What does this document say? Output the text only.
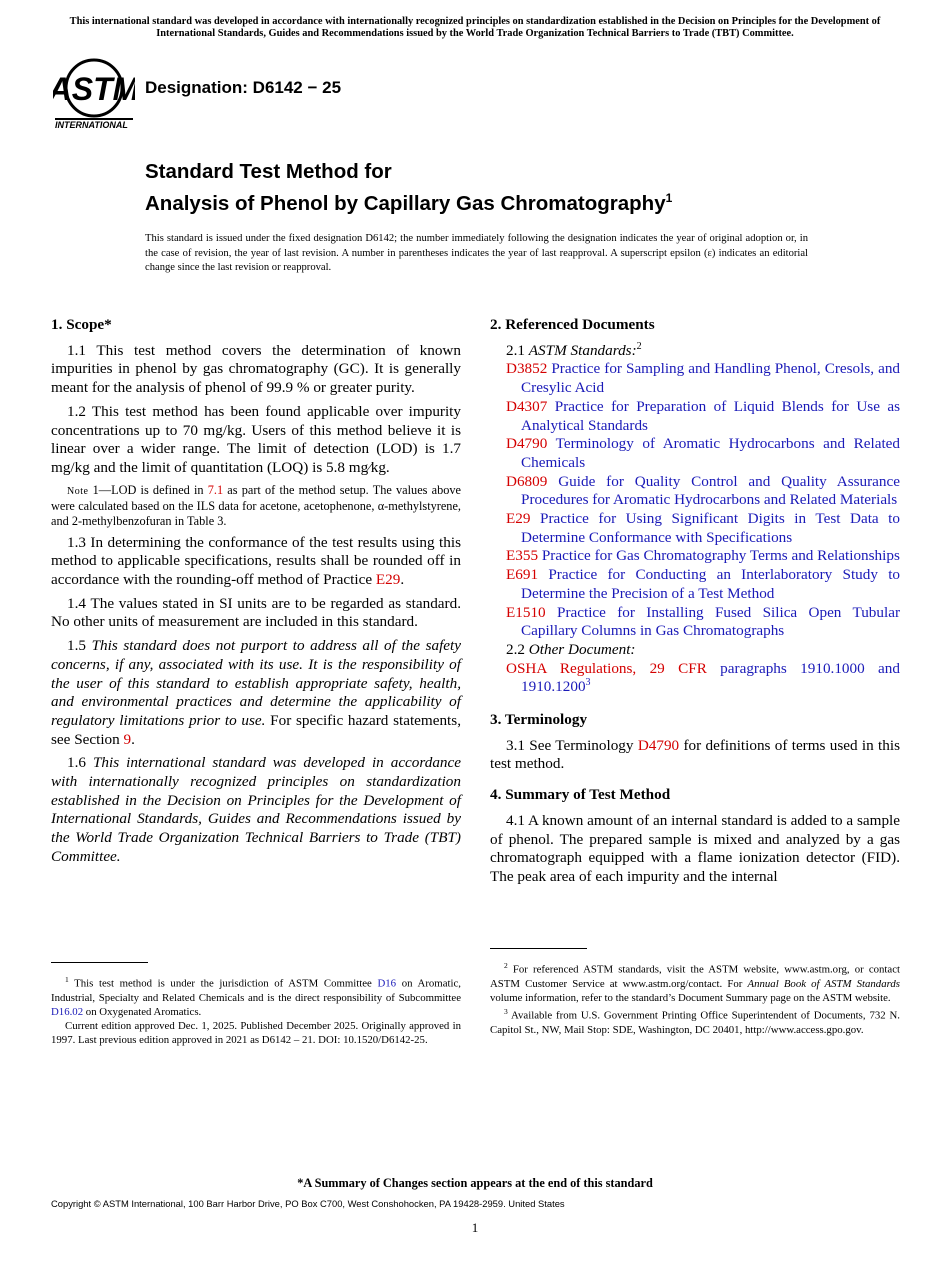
This international standard was developed in accordance with internationally recognized principles on standardization established in the Decision on Principles for the Development of International Standards, Guides and Recommendations issued by the World Trade Organization Technical Barriers to Trade (TBT) Committee.
ASTM
INTERNATIONAL
Designation: D6142 − 25
Standard Test Method for
Analysis of Phenol by Capillary Gas Chromatography$^1$
This standard is issued under the fixed designation D6142; the number immediately following the designation indicates the year of original adoption or, in the case of revision, the year of last revision. A number in parentheses indicates the year of last reapproval. A superscript epsilon (ε) indicates an editorial change since the last revision or reapproval.

1. Scope*

1.1 This test method covers the determination of known impurities in phenol by gas chromatography (GC). It is generally meant for the analysis of phenol of 99.9 % or greater purity.

1.2 This test method has been found applicable over impurity concentrations up to 70 mg/kg. Users of this method believe it is linear over a wider range. The limit of detection (LOD) is 1.7 mg/kg and the limit of quantitation (LOQ) is 5.8 mg⁄kg.

Note 1—LOD is defined in 7.1 as part of the method setup. The values above were calculated based on the ILS data for acetone, acetophenone, α-methylstyrene, and 2-methylbenzofuran in Table 3.

1.3 In determining the conformance of the test results using this method to applicable specifications, results shall be rounded off in accordance with the rounding-off method of Practice E29.

1.4 The values stated in SI units are to be regarded as standard. No other units of measurement are included in this standard.

1.5 This standard does not purport to address all of the safety concerns, if any, associated with its use. It is the responsibility of the user of this standard to establish appropriate safety, health, and environmental practices and determine the applicability of regulatory limitations prior to use. For specific hazard statements, see Section 9.

1.6 This international standard was developed in accordance with internationally recognized principles on standardization established in the Decision on Principles for the Development of International Standards, Guides and Recommendations issued by the World Trade Organization Technical Barriers to Trade (TBT) Committee.

2. Referenced Documents

2.1 ASTM Standards:$^2$

D3852 Practice for Sampling and Handling Phenol, Cresols, and Cresylic Acid

D4307 Practice for Preparation of Liquid Blends for Use as Analytical Standards

D4790 Terminology of Aromatic Hydrocarbons and Related Chemicals

D6809 Guide for Quality Control and Quality Assurance Procedures for Aromatic Hydrocarbons and Related Materials

E29 Practice for Using Significant Digits in Test Data to Determine Conformance with Specifications

E355 Practice for Gas Chromatography Terms and Relationships

E691 Practice for Conducting an Interlaboratory Study to Determine the Precision of a Test Method

E1510 Practice for Installing Fused Silica Open Tubular Capillary Columns in Gas Chromatographs

2.2 Other Document:

OSHA Regulations, 29 CFR paragraphs 1910.1000 and 1910.1200$^3$

3. Terminology

3.1 See Terminology D4790 for definitions of terms used in this test method.

4. Summary of Test Method

4.1 A known amount of an internal standard is added to a sample of phenol. The prepared sample is mixed and analyzed by a gas chromatograph equipped with a flame ionization detector (FID). The peak area of each impurity and the internal

$^1$ This test method is under the jurisdiction of ASTM Committee D16 on Aromatic, Industrial, Specialty and Related Chemicals and is the direct responsibility of Subcommittee D16.02 on Oxygenated Aromatics.

Current edition approved Dec. 1, 2025. Published December 2025. Originally approved in 1997. Last previous edition approved in 2021 as D6142 – 21. DOI: 10.1520/D6142-25.

$^2$ For referenced ASTM standards, visit the ASTM website, www.astm.org, or contact ASTM Customer Service at www.astm.org/contact. For Annual Book of ASTM Standards volume information, refer to the standard’s Document Summary page on the ASTM website.

$^3$ Available from U.S. Government Printing Office Superintendent of Documents, 732 N. Capitol St., NW, Mail Stop: SDE, Washington, DC 20401, http://www.access.gpo.gov.

*A Summary of Changes section appears at the end of this standard
Copyright © ASTM International, 100 Barr Harbor Drive, PO Box C700, West Conshohocken, PA 19428-2959. United States
1
